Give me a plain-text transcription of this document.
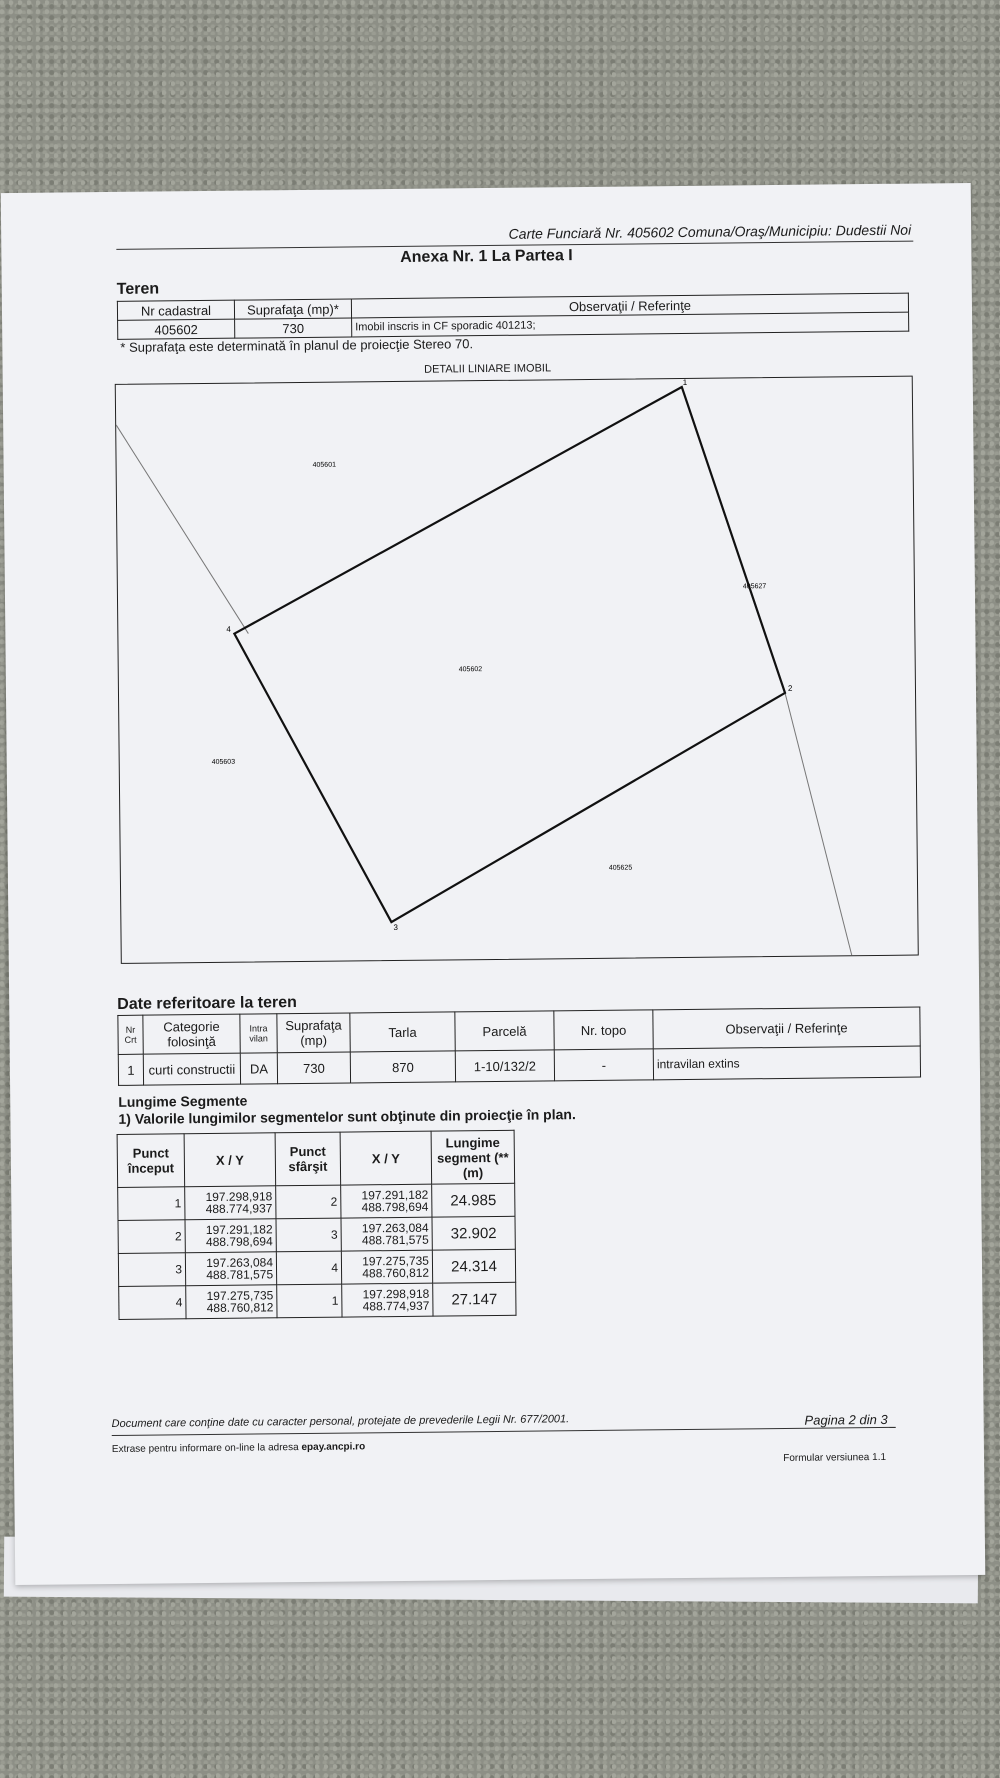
Carte Funciară Nr. 405602 Comuna/Oraş/Municipiu: Dudestii Noi
Anexa Nr. 1 La Partea I
Teren
Nr cadastral	Suprafaţa (mp)*	Observaţii / Referinţe
405602	730	Imobil inscris in CF sporadic 401213;
* Suprafaţa este determinată în planul de proiecţie Stereo 70.
DETALII LINIARE IMOBIL
1
2
3
4
405601
405627
405602
405603
405625
Date referitoare la teren
Nr Crt	Categorie folosinţă	Intra vilan	Suprafaţa (mp)	Tarla	Parcelă	Nr. topo	Observaţii / Referinţe
1	curti constructii	DA	730	870	1-10/132/2	-	intravilan extins
Lungime Segmente
1) Valorile lungimilor segmentelor sunt obţinute din proiecţie în plan.
Punct început	X / Y	Punct sfârşit	X / Y	Lungime segment (** (m)
1	197.298,918
488.774,937	2	197.291,182
488.798,694	24.985
2	197.291,182
488.798,694	3	197.263,084
488.781,575	32.902
3	197.263,084
488.781,575	4	197.275,735
488.760,812	24.314
4	197.275,735
488.760,812	1	197.298,918
488.774,937	27.147
Document care conţine date cu caracter personal, protejate de prevederile Legii Nr. 677/2001.	Pagina 2 din 3
Extrase pentru informare on-line la adresa epay.ancpi.ro
Formular versiunea 1.1
